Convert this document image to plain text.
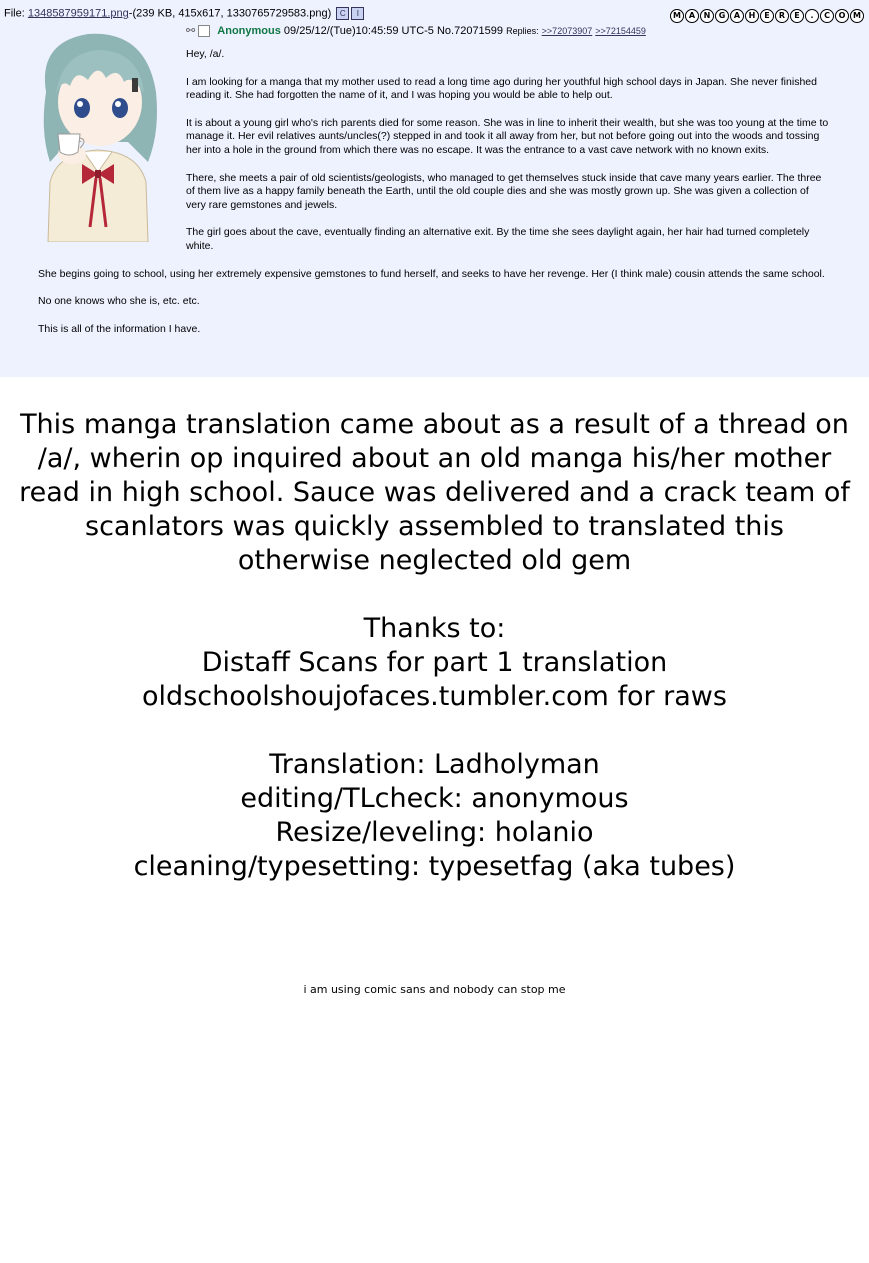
File: 1348587959171.png-(239 KB, 415x617, 1330765729583.png) C I
⚯ Anonymous 09/25/12/(Tue)10:45:59 UTC-5 No.72071599 Replies: >>72073907 >>72154459

Hey, /a/.

I am looking for a manga that my mother used to read a long time ago during her youthful high school days in Japan. She never finished reading it. She had forgotten the name of it, and I was hoping you would be able to help out.

It is about a young girl who's rich parents died for some reason. She was in line to inherit their wealth, but she was too young at the time to manage it. Her evil relatives aunts/uncles(?) stepped in and took it all away from her, but not before going out into the woods and tossing her into a hole in the ground from which there was no escape. It was the entrance to a vast cave network with no known exits.

There, she meets a pair of old scientists/geologists, who managed to get themselves stuck inside that cave many years earlier. The three of them live as a happy family beneath the Earth, until the old couple dies and she was mostly grown up. She was given a collection of very rare gemstones and jewels.

The girl goes about the cave, eventually finding an alternative exit. By the time she sees daylight again, her hair had turned completely white.

She begins going to school, using her extremely expensive gemstones to fund herself, and seeks to have her revenge. Her (I think male) cousin attends the same school.

No one knows who she is, etc. etc.

This is all of the information I have.

M A	N	G	A	H	E	R	E	.	C	O M
This manga translation came about as a result of a thread on
/a/, wherin op inquired about an old manga his/her mother
read in high school. Sauce was delivered and a crack team of
scanlators was quickly assembled to translated this
otherwise neglected old gem
Thanks to:
Distaff Scans for part 1 translation
oldschoolshoujofaces.tumbler.com for raws
Translation: Ladholyman
editing/TLcheck: anonymous
Resize/leveling: holanio
cleaning/typesetting: typesetfag (aka tubes)
i am using comic sans and nobody can stop me
